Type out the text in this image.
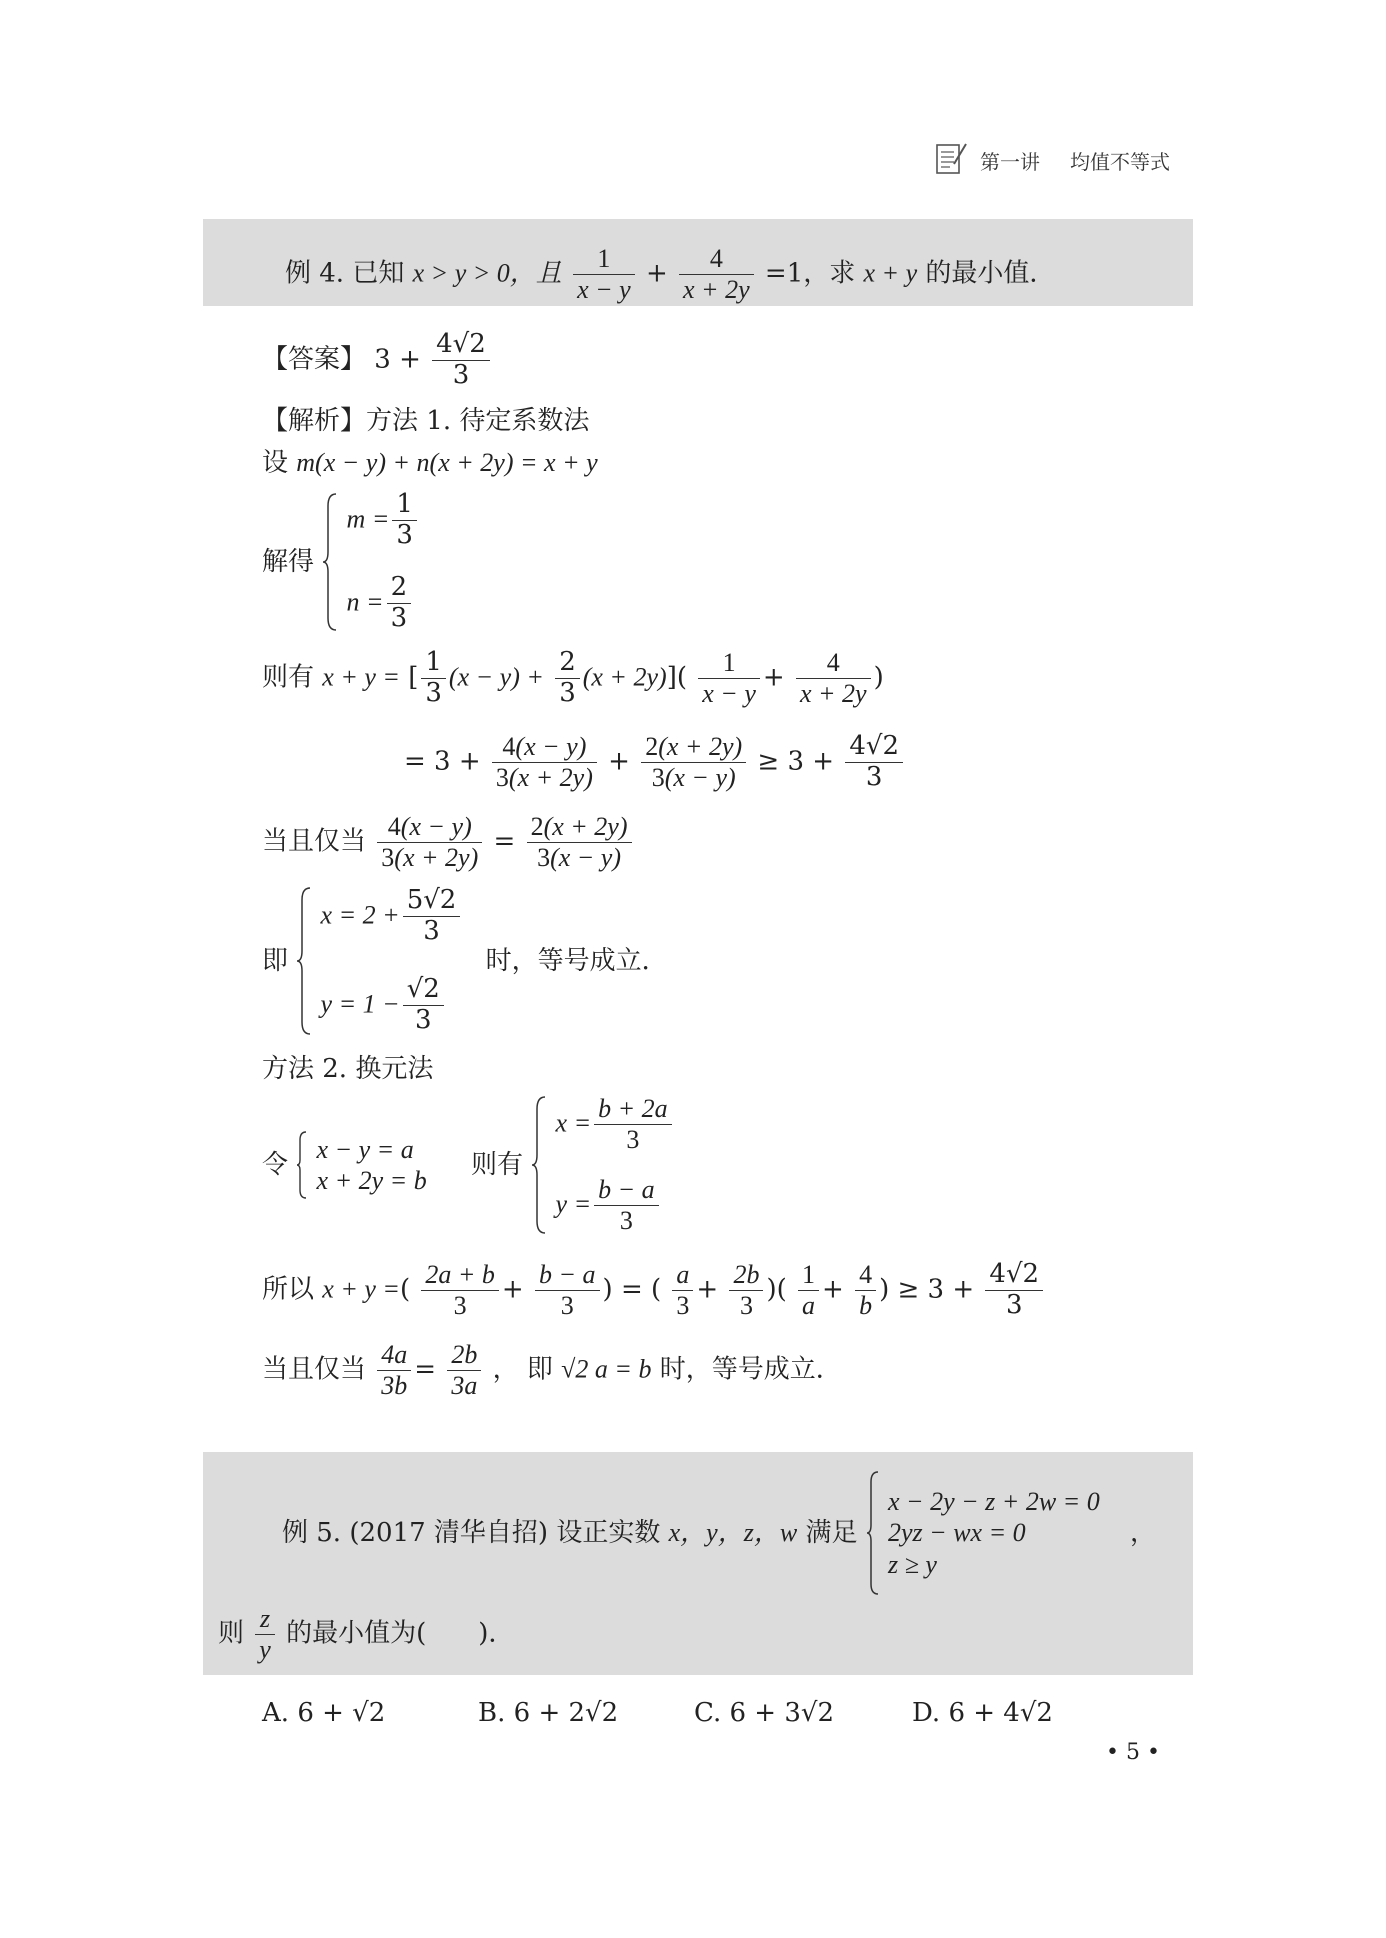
第一讲 均值不等式
例 4. 已知 x > y > 0，且 $\frac{1}{x - y} + \frac{4}{x + 2y} =1$，求 x + y 的最小值．
【答案】 $3 + \frac{4√2}{3}$
【解析】方法 1. 待定系数法
设 m(x − y) + n(x + 2y) = x + y
解得
$m = \frac{1}{3}$
$n = \frac{2}{3}$
则有 x + y = [ $\frac{1}{3} (x - y) + \frac{2}{3} (x + 2y)]( \frac{1}{x - y} + \frac{4}{x + 2y}$ )
= $3 + \frac{4(x - y)}{3(x + 2y)} + \frac{2(x + 2y)}{3(x - y)} \ge 3 + \frac{4√2}{3}$
当且仅当 $\frac{4(x - y)}{3(x + 2y)} = \frac{2(x + 2y)}{3(x - y)}$
即
$x = 2 + \frac{5√2}{3}$
$y = 1 - \frac{√2}{3}$
时，等号成立．
方法 2. 换元法
令
x − y = a
x + 2y = b
则有
$x = \frac{b + 2a}{3}$
$y = \frac{b - a}{3}$
所以 x + y =( $\frac{2a + b}{3} + \frac{b - a}{3}$ ) = ( $\frac{a}{3} + \frac{2b}{3}$ )( $\frac{1}{a} + \frac{4}{b}$ ) ≥ $3 + \frac{4√2}{3}$
当且仅当 $\frac{4a}{3b} = \frac{2b}{3a}$ ， 即 √2 a = b 时，等号成立．
例 5. (2017 清华自招) 设正实数 x，y，z，w 满足
x − 2y − z + 2w = 0
2yz − wx = 0
z ≥ y
，
则 $\frac{z}{y}$ 的最小值为(　　)．
A. 6 + √2	B. 6 + 2√2	C. 6 + 3√2	D. 6 + 4√2
• 5 •
